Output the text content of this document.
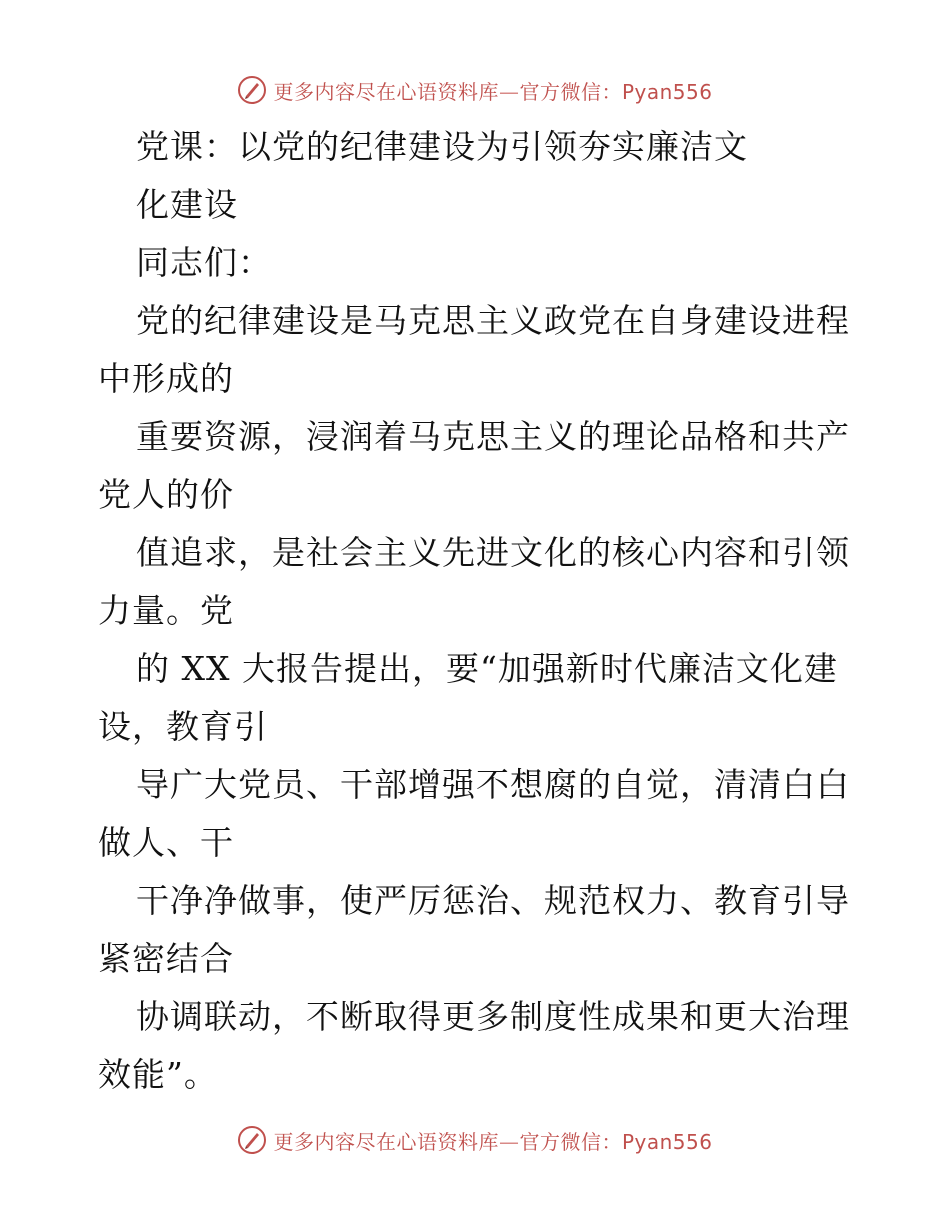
更多内容尽在心语资料库—官方微信：Pyan556
党课：以党的纪律建设为引领夯实廉洁文
化建设
同志们：
党的纪律建设是马克思主义政党在自身建设进程
中形成的
重要资源，浸润着马克思主义的理论品格和共产
党人的价
值追求，是社会主义先进文化的核心内容和引领
力量。党
的 XX 大报告提出，要“加强新时代廉洁文化建
设，教育引
导广大党员、干部增强不想腐的自觉，清清白白
做人、干
干净净做事，使严厉惩治、规范权力、教育引导
紧密结合
协调联动，不断取得更多制度性成果和更大治理
效能”。
更多内容尽在心语资料库—官方微信：Pyan556
